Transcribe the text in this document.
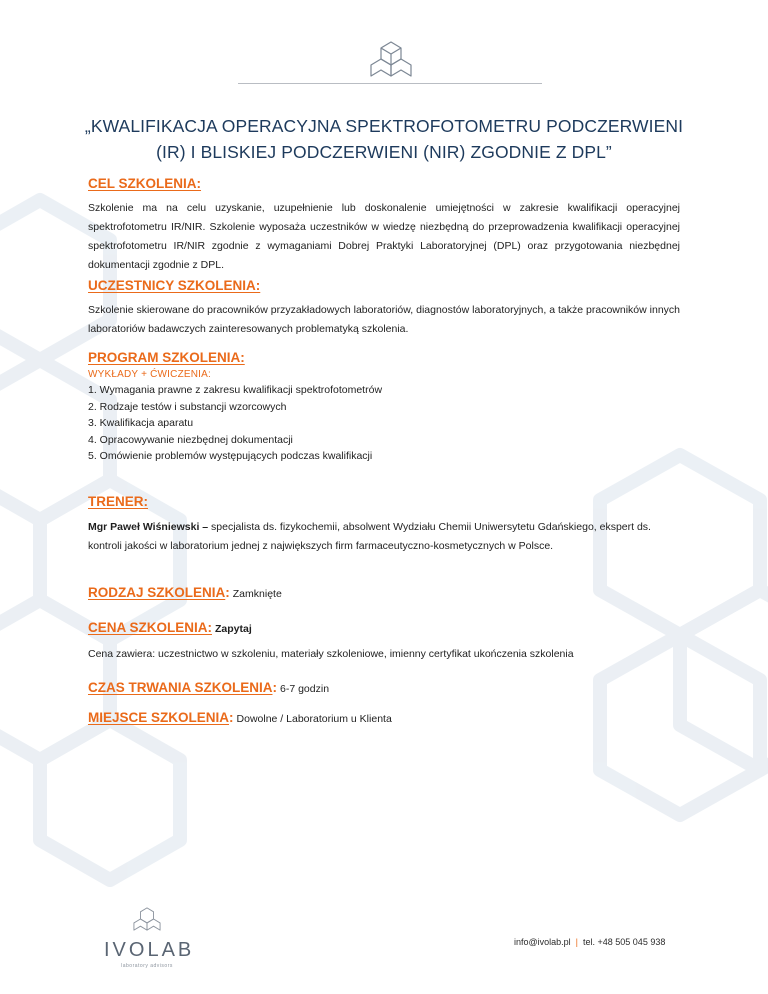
„KWALIFIKACJA OPERACYJNA SPEKTROFOTOMETRU PODCZERWIENI
(IR) I BLISKIEJ PODCZERWIENI (NIR) ZGODNIE Z DPL”
CEL SZKOLENIA:
Szkolenie ma na celu uzyskanie, uzupełnienie lub doskonalenie umiejętności w zakresie kwalifikacji operacyjnej spektrofotometru IR/NIR. Szkolenie wyposaża uczestników w wiedzę niezbędną do przeprowadzenia kwalifikacji operacyjnej spektrofotometru IR/NIR zgodnie z wymaganiami Dobrej Praktyki Laboratoryjnej (DPL) oraz przygotowania niezbędnej dokumentacji zgodnie z DPL.
UCZESTNICY SZKOLENIA:
Szkolenie skierowane do pracowników przyzakładowych laboratoriów, diagnostów laboratoryjnych, a także pracowników innych laboratoriów badawczych zainteresowanych problematyką szkolenia.
PROGRAM SZKOLENIA:
WYKŁADY + ĆWICZENIA:
1. Wymagania prawne z zakresu kwalifikacji spektrofotometrów
2. Rodzaje testów i substancji wzorcowych
3. Kwalifikacja aparatu
4. Opracowywanie niezbędnej dokumentacji
5. Omówienie problemów występujących podczas kwalifikacji
TRENER:
Mgr Paweł Wiśniewski – specjalista ds. fizykochemii, absolwent Wydziału Chemii Uniwersytetu Gdańskiego, ekspert ds. kontroli jakości w laboratorium jednej z największych firm farmaceutyczno-kosmetycznych w Polsce.
RODZAJ SZKOLENIA: Zamknięte
CENA SZKOLENIA: Zapytaj
Cena zawiera: uczestnictwo w szkoleniu, materiały szkoleniowe, imienny certyfikat ukończenia szkolenia
CZAS TRWANIA SZKOLENIA: 6-7 godzin
MIEJSCE SZKOLENIA: Dowolne / Laboratorium u Klienta
IVOLAB
laboratory advisors
info@ivolab.pl | tel. +48 505 045 938
